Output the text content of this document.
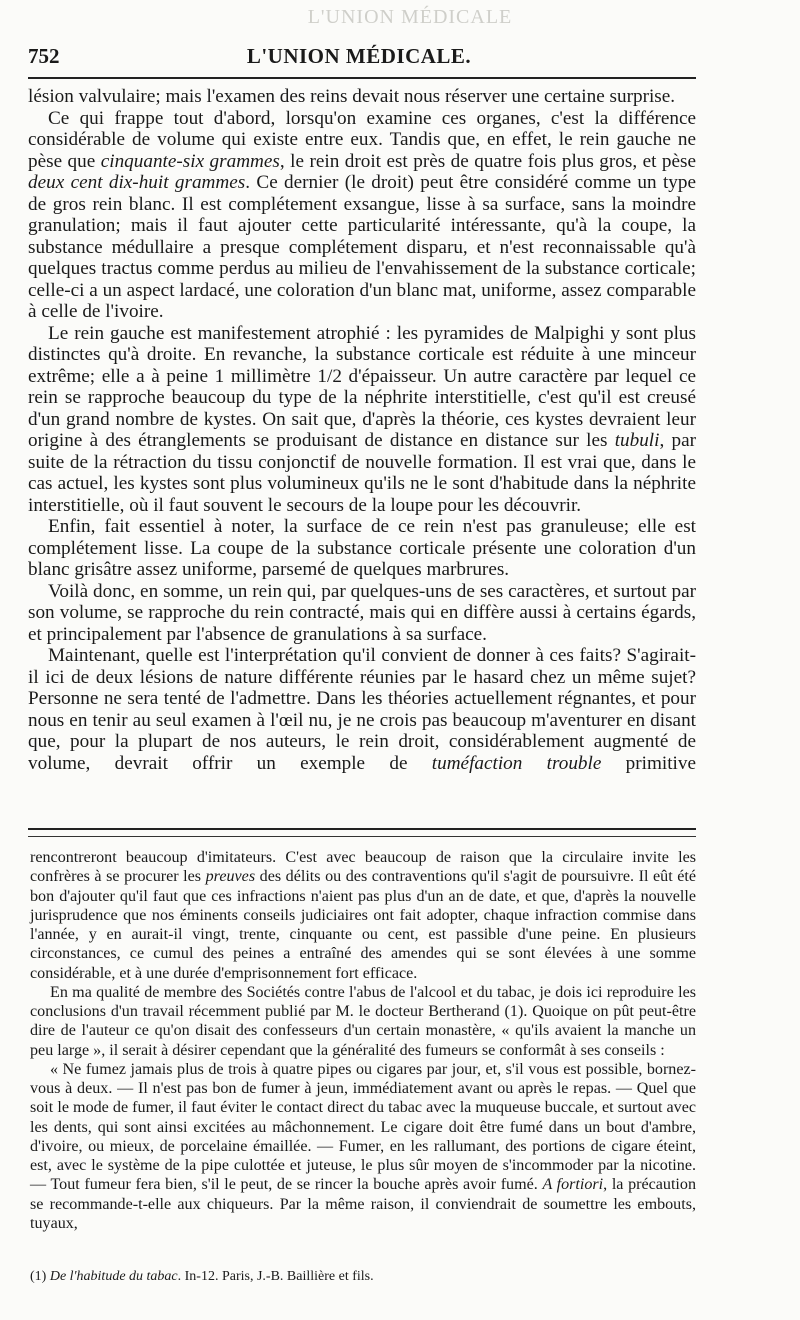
L'UNION MÉDICALE
752	L'UNION MÉDICALE.

lésion valvulaire; mais l'examen des reins devait nous réserver une certaine surprise.

Ce qui frappe tout d'abord, lorsqu'on examine ces organes, c'est la différence considérable de volume qui existe entre eux. Tandis que, en effet, le rein gauche ne pèse que cinquante-six grammes, le rein droit est près de quatre fois plus gros, et pèse deux cent dix-huit grammes. Ce dernier (le droit) peut être considéré comme un type de gros rein blanc. Il est complétement exsangue, lisse à sa surface, sans la moindre granulation; mais il faut ajouter cette particularité intéressante, qu'à la coupe, la substance médullaire a presque complétement disparu, et n'est reconnaissable qu'à quelques tractus comme perdus au milieu de l'envahissement de la substance corticale; celle-ci a un aspect lardacé, une coloration d'un blanc mat, uniforme, assez comparable à celle de l'ivoire.

Le rein gauche est manifestement atrophié : les pyramides de Malpighi y sont plus distinctes qu'à droite. En revanche, la substance corticale est réduite à une minceur extrême; elle a à peine 1 millimètre 1/2 d'épaisseur. Un autre caractère par lequel ce rein se rapproche beaucoup du type de la néphrite interstitielle, c'est qu'il est creusé d'un grand nombre de kystes. On sait que, d'après la théorie, ces kystes devraient leur origine à des étranglements se produisant de distance en distance sur les tubuli, par suite de la rétraction du tissu conjonctif de nouvelle formation. Il est vrai que, dans le cas actuel, les kystes sont plus volumineux qu'ils ne le sont d'habitude dans la néphrite interstitielle, où il faut souvent le secours de la loupe pour les découvrir.

Enfin, fait essentiel à noter, la surface de ce rein n'est pas granuleuse; elle est complétement lisse. La coupe de la substance corticale présente une coloration d'un blanc grisâtre assez uniforme, parsemé de quelques marbrures.

Voilà donc, en somme, un rein qui, par quelques-uns de ses caractères, et surtout par son volume, se rapproche du rein contracté, mais qui en diffère aussi à certains égards, et principalement par l'absence de granulations à sa surface.

Maintenant, quelle est l'interprétation qu'il convient de donner à ces faits? S'agirait-il ici de deux lésions de nature différente réunies par le hasard chez un même sujet? Personne ne sera tenté de l'admettre. Dans les théories actuellement régnantes, et pour nous en tenir au seul examen à l'œil nu, je ne crois pas beaucoup m'aventurer en disant que, pour la plupart de nos auteurs, le rein droit, considérablement augmenté de volume, devrait offrir un exemple de tuméfaction trouble primitive

rencontreront beaucoup d'imitateurs. C'est avec beaucoup de raison que la circulaire invite les confrères à se procurer les preuves des délits ou des contraventions qu'il s'agit de poursuivre. Il eût été bon d'ajouter qu'il faut que ces infractions n'aient pas plus d'un an de date, et que, d'après la nouvelle jurisprudence que nos éminents conseils judiciaires ont fait adopter, chaque infraction commise dans l'année, y en aurait-il vingt, trente, cinquante ou cent, est passible d'une peine. En plusieurs circonstances, ce cumul des peines a entraîné des amendes qui se sont élevées à une somme considérable, et à une durée d'emprisonnement fort efficace.

En ma qualité de membre des Sociétés contre l'abus de l'alcool et du tabac, je dois ici reproduire les conclusions d'un travail récemment publié par M. le docteur Bertherand (1). Quoique on pût peut-être dire de l'auteur ce qu'on disait des confesseurs d'un certain monastère, « qu'ils avaient la manche un peu large », il serait à désirer cependant que la généralité des fumeurs se conformât à ses conseils :

« Ne fumez jamais plus de trois à quatre pipes ou cigares par jour, et, s'il vous est possible, bornez-vous à deux. — Il n'est pas bon de fumer à jeun, immédiatement avant ou après le repas. — Quel que soit le mode de fumer, il faut éviter le contact direct du tabac avec la muqueuse buccale, et surtout avec les dents, qui sont ainsi excitées au mâchonnement. Le cigare doit être fumé dans un bout d'ambre, d'ivoire, ou mieux, de porcelaine émaillée. — Fumer, en les rallumant, des portions de cigare éteint, est, avec le système de la pipe culottée et juteuse, le plus sûr moyen de s'incommoder par la nicotine. — Tout fumeur fera bien, s'il le peut, de se rincer la bouche après avoir fumé. A fortiori, la précaution se recommande-t-elle aux chiqueurs. Par la même raison, il conviendrait de soumettre les embouts, tuyaux,

(1) De l'habitude du tabac. In-12. Paris, J.-B. Baillière et fils.
